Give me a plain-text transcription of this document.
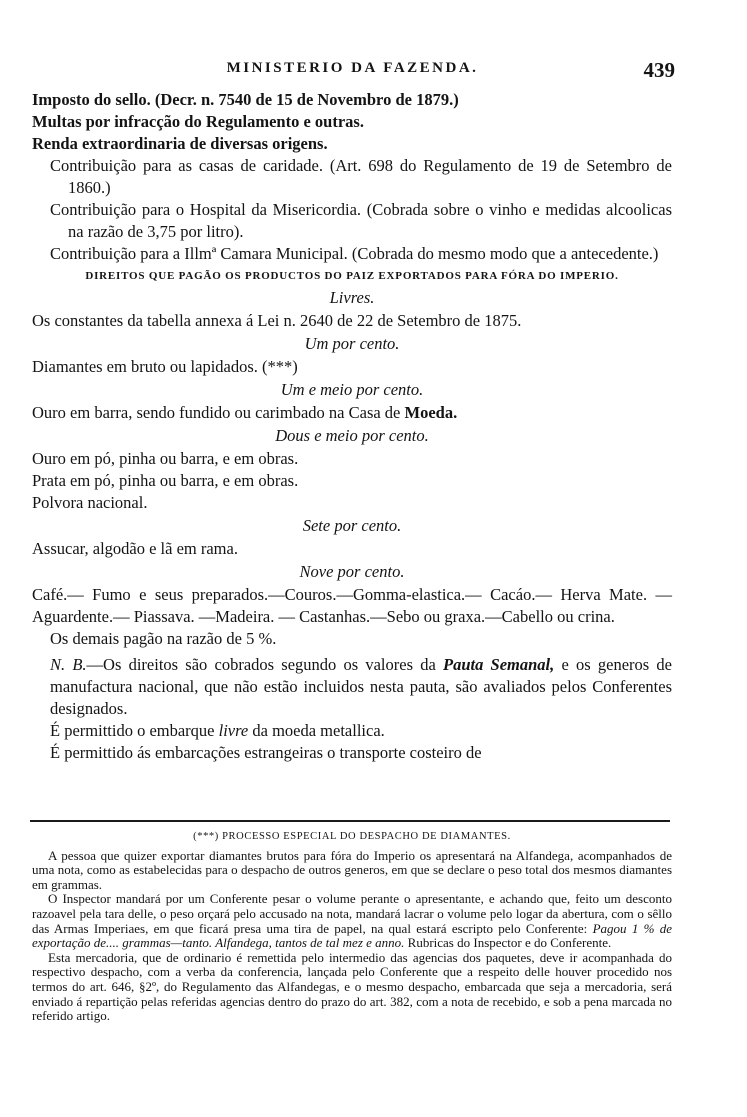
MINISTERIO DA FAZENDA.	439
Imposto do sello. (Decr. n. 7540 de 15 de Novembro de 1879.)
Multas por infracção do Regulamento e outras.
Renda extraordinaria de diversas origens.
Contribuição para as casas de caridade. (Art. 698 do Regulamento de 19 de Setembro de 1860.)
Contribuição para o Hospital da Misericordia. (Cobrada sobre o vinho e medidas alcoolicas na razão de 3,75 por litro).
Contribuição para a Illmª Camara Municipal. (Cobrada do mesmo modo que a antecedente.)
DIREITOS QUE PAGÃO OS PRODUCTOS DO PAIZ EXPORTADOS PARA FÓRA DO IMPERIO.
Livres.
Os constantes da tabella annexa á Lei n. 2640 de 22 de Setembro de 1875.
Um por cento.
Diamantes em bruto ou lapidados. (***)
Um e meio por cento.
Ouro em barra, sendo fundido ou carimbado na Casa de Moeda.
Dous e meio por cento.
Ouro em pó, pinha ou barra, e em obras.
Prata em pó, pinha ou barra, e em obras.
Polvora nacional.
Sete por cento.
Assucar, algodão e lã em rama.
Nove por cento.
Café.— Fumo e seus preparados.—Couros.—Gomma-elastica.— Cacáo.— Herva Mate. — Aguardente.— Piassava. —Madeira. — Castanhas.—Sebo ou graxa.—Cabello ou crina.
Os demais pagão na razão de 5 %.
N. B.—Os direitos são cobrados segundo os valores da Pauta Semanal, e os generos de manufactura nacional, que não estão incluidos nesta pauta, são avaliados pelos Conferentes designados.
É permittido o embarque livre da moeda metallica.
É permittido ás embarcações estrangeiras o transporte costeiro de
(***) PROCESSO ESPECIAL DO DESPACHO DE DIAMANTES.
A pessoa que quizer exportar diamantes brutos para fóra do Imperio os apresentará na Alfandega, acompanhados de uma nota, como as estabelecidas para o despacho de outros generos, em que se declare o peso total dos mesmos diamantes em grammas.
O Inspector mandará por um Conferente pesar o volume perante o apresentante, e achando que, feito um desconto razoavel pela tara delle, o peso orçará pelo accusado na nota, mandará lacrar o volume pelo logar da abertura, com o sêllo das Armas Imperiaes, em que ficará presa uma tira de papel, na qual estará escripto pelo Conferente: Pagou 1 % de exportação de.... grammas—tanto. Alfandega, tantos de tal mez e anno. Rubricas do Inspector e do Conferente.
Esta mercadoria, que de ordinario é remettida pelo intermedio das agencias dos paquetes, deve ir acompanhada do respectivo despacho, com a verba da conferencia, lançada pelo Conferente que a respeito delle houver procedido nos termos do art. 646, §2º, do Regulamento das Alfandegas, e o mesmo despacho, embarcada que seja a mercadoria, será enviado á repartição pelas referidas agencias dentro do prazo do art. 382, com a nota de recebido, e sob a pena marcada no referido artigo.
